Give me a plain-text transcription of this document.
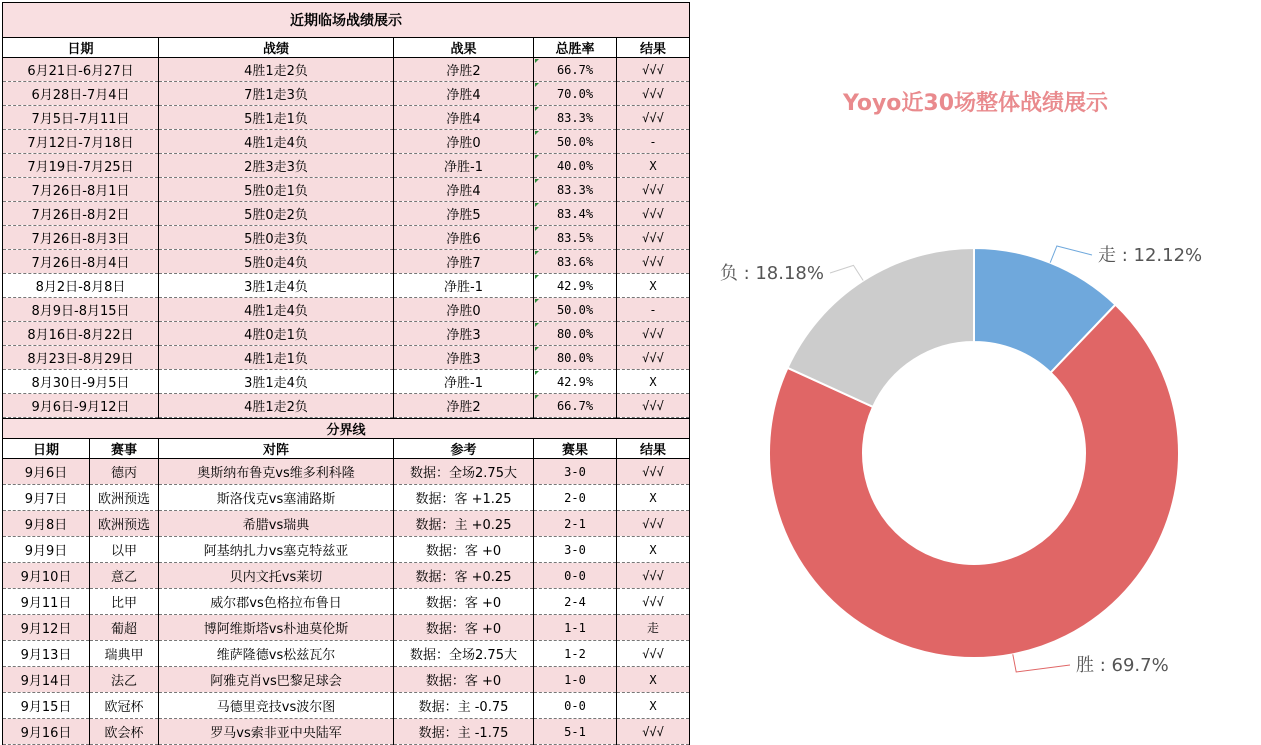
近期临场战绩展示				
日期	战绩	战果	总胜率	结果
6月21日-6月27日	4胜1走2负	净胜2	66.7%	√√√
6月28日-7月4日	7胜1走3负	净胜4	70.0%	√√√
7月5日-7月11日	5胜1走1负	净胜4	83.3%	√√√
7月12日-7月18日	4胜1走4负	净胜0	50.0%	-
7月19日-7月25日	2胜3走3负	净胜-1	40.0%	X
7月26日-8月1日	5胜0走1负	净胜4	83.3%	√√√
7月26日-8月2日	5胜0走2负	净胜5	83.4%	√√√
7月26日-8月3日	5胜0走3负	净胜6	83.5%	√√√
7月26日-8月4日	5胜0走4负	净胜7	83.6%	√√√
8月2日-8月8日	3胜1走4负	净胜-1	42.9%	X
8月9日-8月15日	4胜1走4负	净胜0	50.0%	-
8月16日-8月22日	4胜0走1负	净胜3	80.0%	√√√
8月23日-8月29日	4胜1走1负	净胜3	80.0%	√√√
8月30日-9月5日	3胜1走4负	净胜-1	42.9%	X
9月6日-9月12日	4胜1走2负	净胜2	66.7%	√√√
分界线					
日期	赛事	对阵	参考	赛果	结果
9月6日	德丙	奥斯纳布鲁克vs维多利科隆	数据：全场2.75大	3-0	√√√
9月7日	欧洲预选	斯洛伐克vs塞浦路斯	数据：客 +1.25	2-0	X
9月8日	欧洲预选	希腊vs瑞典	数据：主 +0.25	2-1	√√√
9月9日	以甲	阿基纳扎力vs塞克特兹亚	数据：客 +0	3-0	X
9月10日	意乙	贝内文托vs莱切	数据：客 +0.25	0-0	√√√
9月11日	比甲	威尔郡vs色格拉布鲁日	数据：客 +0	2-4	√√√
9月12日	葡超	博阿维斯塔vs朴迪莫伦斯	数据：客 +0	1-1	走
9月13日	瑞典甲	维萨隆德vs松兹瓦尔	数据：全场2.75大	1-2	√√√
9月14日	法乙	阿雅克肖vs巴黎足球会	数据：客 +0	1-0	X
9月15日	欧冠杯	马德里竞技vs波尔图	数据：主 -0.75	0-0	X
9月16日	欧会杯	罗马vs索非亚中央陆军	数据：主 -1.75	5-1	√√√
Yoyo近30场整体战绩展示
走 : 12.12%
胜 : 69.7%
负 : 18.18%
